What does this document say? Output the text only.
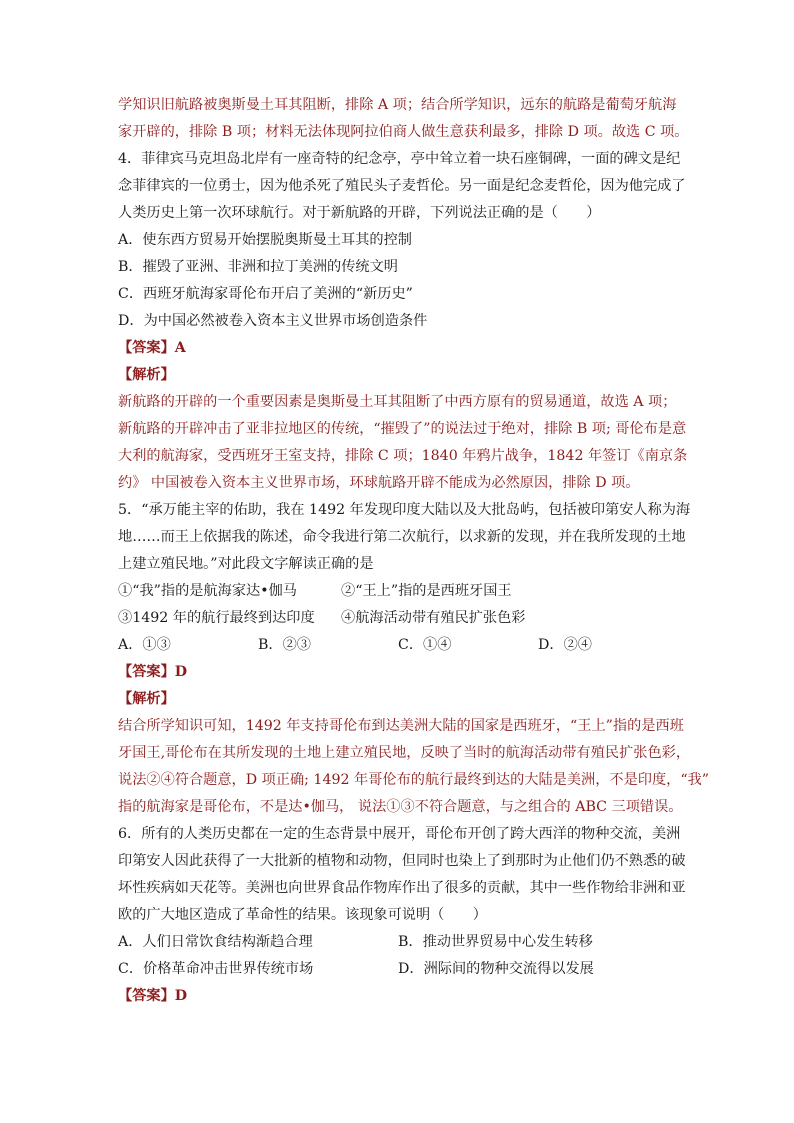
学知识旧航路被奥斯曼土耳其阻断，排除 A 项；结合所学知识，远东的航路是葡萄牙航海
家开辟的，排除 B 项；材料无法体现阿拉伯商人做生意获利最多，排除 D 项。故选 C 项。
4．菲律宾马克坦岛北岸有一座奇特的纪念亭，亭中耸立着一块石座铜碑，一面的碑文是纪
念菲律宾的一位勇士，因为他杀死了殖民头子麦哲伦。另一面是纪念麦哲伦，因为他完成了
人类历史上第一次环球航行。对于新航路的开辟，下列说法正确的是（　　）
A．使东西方贸易开始摆脱奥斯曼土耳其的控制
B．摧毁了亚洲、非洲和拉丁美洲的传统文明
C．西班牙航海家哥伦布开启了美洲的“新历史”
D．为中国必然被卷入资本主义世界市场创造条件
【答案】A
【解析】
新航路的开辟的一个重要因素是奥斯曼土耳其阻断了中西方原有的贸易通道，故选 A 项；
新航路的开辟冲击了亚非拉地区的传统，“摧毁了”的说法过于绝对，排除 B 项; 哥伦布是意
大利的航海家，受西班牙王室支持，排除 C 项；1840 年鸦片战争，1842 年签订《南京条
约》 中国被卷入资本主义世界市场，环球航路开辟不能成为必然原因，排除 D 项。
5．“承万能主宰的佑助，我在 1492 年发现印度大陆以及大批岛屿，包括被印第安人称为海
地……而王上依据我的陈述，命令我进行第二次航行，以求新的发现，并在我所发现的土地
上建立殖民地。”对此段文字解读正确的是
①“我”指的是航海家达•伽马	②“王上”指的是西班牙国王
③1492 年的航行最终到达印度	④航海活动带有殖民扩张色彩
A．①③	B．②③	C．①④	D．②④
【答案】D
【解析】
结合所学知识可知，1492 年支持哥伦布到达美洲大陆的国家是西班牙，“王上”指的是西班
牙国王,哥伦布在其所发现的土地上建立殖民地，反映了当时的航海活动带有殖民扩张色彩，
说法②④符合题意，D 项正确; 1492 年哥伦布的航行最终到达的大陆是美洲，不是印度，“我”
指的航海家是哥伦布，不是达•伽马， 说法①③不符合题意，与之组合的 ABC 三项错误。
6．所有的人类历史都在一定的生态背景中展开，哥伦布开创了跨大西洋的物种交流，美洲
印第安人因此获得了一大批新的植物和动物，但同时也染上了到那时为止他们仍不熟悉的破
坏性疾病如天花等。美洲也向世界食品作物库作出了很多的贡献，其中一些作物给非洲和亚
欧的广大地区造成了革命性的结果。该现象可说明（　　）
A．人们日常饮食结构渐趋合理	B．推动世界贸易中心发生转移
C．价格革命冲击世界传统市场	D．洲际间的物种交流得以发展
【答案】D
